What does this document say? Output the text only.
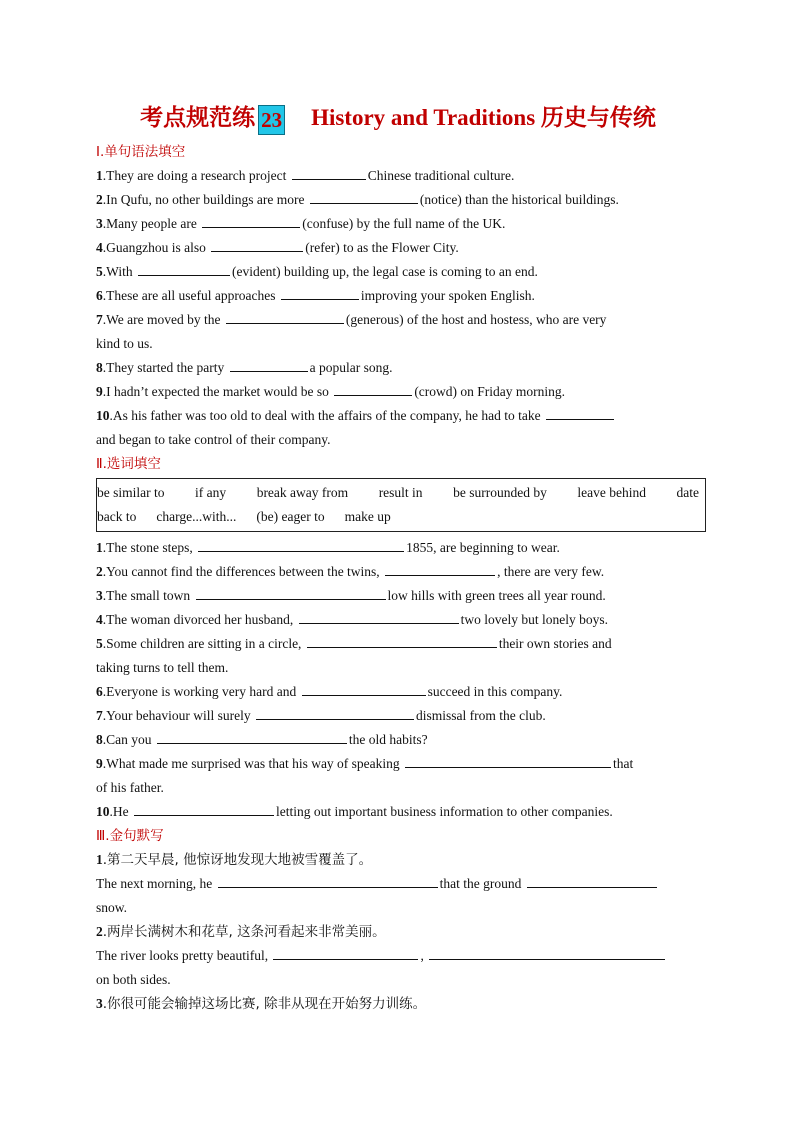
考点规范练 23 History and Traditions 历史与传统
Ⅰ.单句语法填空
1.They are doing a research project	Chinese traditional culture.
2.In Qufu, no other buildings are more	(notice) than the historical buildings.
3.Many people are	(confuse) by the full name of the UK.
4.Guangzhou is also	(refer) to as the Flower City.
5.With	(evident) building up, the legal case is coming to an end.
6.These are all useful approaches	improving your spoken English.
7.We are moved by the	(generous) of the host and hostess, who are very
kind to us.
8.They started the party	a popular song.
9.I hadn’t expected the market would be so	(crowd) on Friday morning.
10.As his father was too old to deal with the affairs of the company, he had to take
and began to take control of their company.
Ⅱ.选词填空
be similar to if any break away from result in be surrounded by leave behind date
back to charge...with... (be) eager to make up
1.The stone steps,	1855, are beginning to wear.
2.You cannot find the differences between the twins,	, there are very few.
3.The small town	low hills with green trees all year round.
4.The woman divorced her husband,	two lovely but lonely boys.
5.Some children are sitting in a circle,	their own stories and
taking turns to tell them.
6.Everyone is working very hard and	succeed in this company.
7.Your behaviour will surely	dismissal from the club.
8.Can you	the old habits?
9.What made me surprised was that his way of speaking	that
of his father.
10.He	letting out important business information to other companies.
Ⅲ.金句默写
1.第二天早晨, 他惊讶地发现大地被雪覆盖了。
The next morning, he	that the ground
snow.
2.两岸长满树木和花草, 这条河看起来非常美丽。
The river looks pretty beautiful,	,
on both sides.
3.你很可能会输掉这场比赛, 除非从现在开始努力训练。
